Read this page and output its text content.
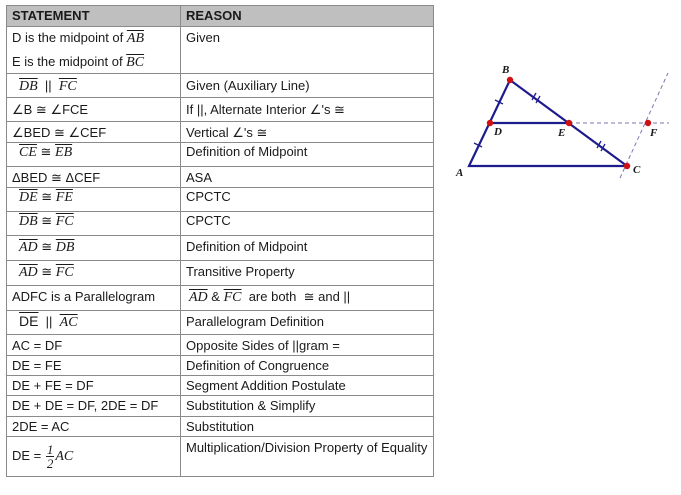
STATEMENT	REASON

D is the midpoint of $\overline{AB}$
E is the midpoint of $\overline{BC}$	Given
$\overline{DB}$  ||  $\overline{FC}$	Given (Auxiliary Line)
∠B ≅ ∠FCE	If ||, Alternate Interior ∠'s ≅
∠BED ≅ ∠CEF	Vertical ∠'s ≅
$\overline{CE}$ ≅ $\overline{EB}$	Definition of Midpoint
ΔBED ≅ ΔCEF	ASA
$\overline{DE}$ ≅ $\overline{FE}$	CPCTC
$\overline{DB}$ ≅ $\overline{FC}$	CPCTC
$\overline{AD}$ ≅ $\overline{DB}$	Definition of Midpoint
$\overline{AD}$ ≅ $\overline{FC}$	Transitive Property
ADFC is a Parallelogram	$\overline{AD}$ & $\overline{FC}$  are both  ≅ and ||
$\overline{DE}$  ||  $\overline{AC}$	Parallelogram Definition
AC = DF	Opposite Sides of ||gram =
DE = FE	Definition of Congruence
DE + FE = DF	Segment Addition Postulate
DE + DE = DF, 2DE = DF	Substitution & Simplify
2DE = AC	Substitution
DE = $\frac{1}{2}$ AC	Multiplication/Division Property of Equality
B
D	E	F
A	C
